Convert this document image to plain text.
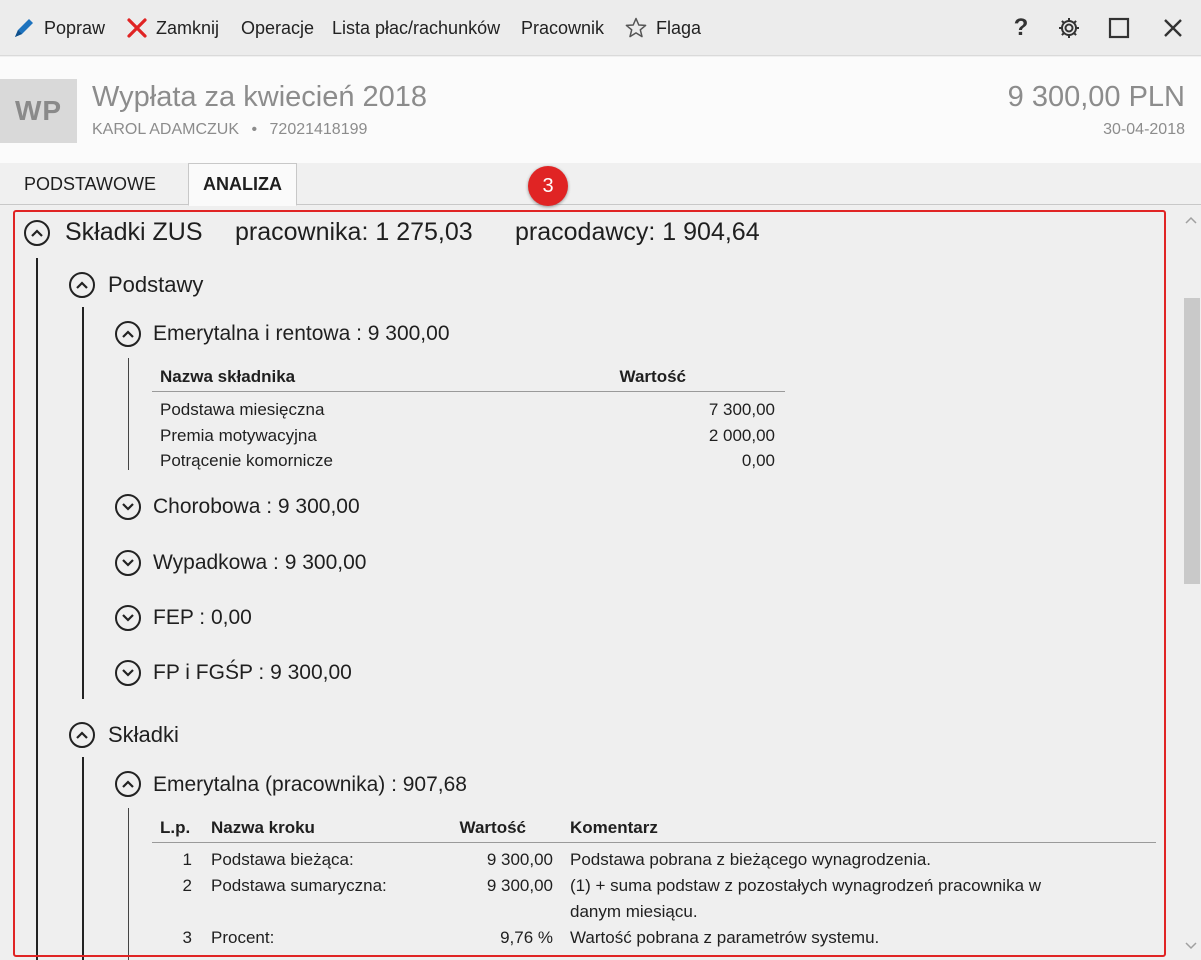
Popraw	Zamknij Operacje Lista płac/rachunków Pracownik	Flaga	?
WP	Wypłata za kwiecień 2018
KAROL ADAMCZUK • 72021418199
9 300,00 PLN
30-04-2018
PODSTAWOWE	ANALIZA
Składki ZUS pracownika: 1 275,03 pracodawcy: 1 904,64
Podstawy
Emerytalna i rentowa : 9 300,00
Nazwa składnika	Wartość
Podstawa miesięczna	7 300,00
Premia motywacyjna	2 000,00
Potrącenie komornicze	0,00
Chorobowa : 9 300,00
Wypadkowa : 9 300,00
FEP : 0,00
FP i FGŚP : 9 300,00
Składki
Emerytalna (pracownika) : 907,68
L.p. Nazwa kroku	Wartość	Komentarz
1 Podstawa bieżąca:	9 300,00 Podstawa pobrana z bieżącego wynagrodzenia.
2 Podstawa sumaryczna:	9 300,00 (1) + suma podstaw z pozostałych wynagrodzeń pracownika w
danym miesiącu.
3 Procent:	9,76 % Wartość pobrana z parametrów systemu.
3
